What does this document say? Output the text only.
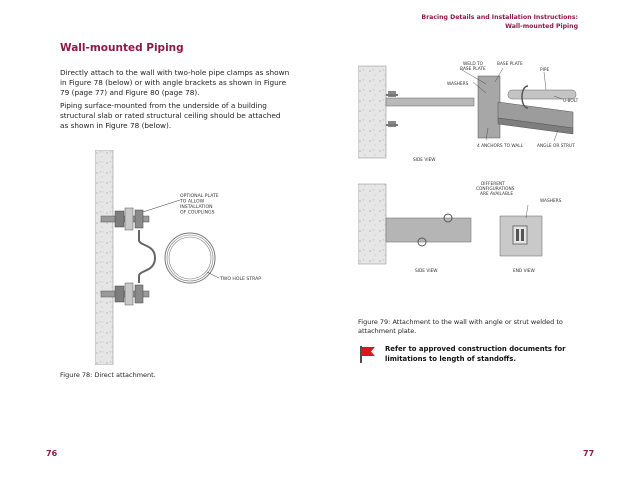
Wall-mounted Piping
Directly attach to the wall with two-hole pipe clamps as shown in Figure 78 (below) or with angle brackets as shown in Figure 79 (page 77) and Figure 80 (page 78).
Piping surface-mounted from the underside of a building structural slab or rated structural ceiling should be attached as shown in Figure 78 (below).
OPTIONAL PLATE
TO ALLOW
INSTALLATION
OF COUPLINGS
TWO HOLE STRAP
Figure 78: Direct attachment.
76
Bracing Details and Installation Instructions:
Wall-mounted Piping
WELD TO
BASE PLATE
BASE PLATE
PIPE
WASHERS
U-BOLT
4 ANCHORS TO WALL	ANGLE OR STRUT
SIDE VIEW
DIFFERENT
CONFIGURATIONS
ARE AVAILABLE
WASHERS
SIDE VIEW	END VIEW
Figure 79: Attachment to the wall with angle or strut welded to attachment plate.
Refer to approved construction documents for limitations to length of standoffs.
77
